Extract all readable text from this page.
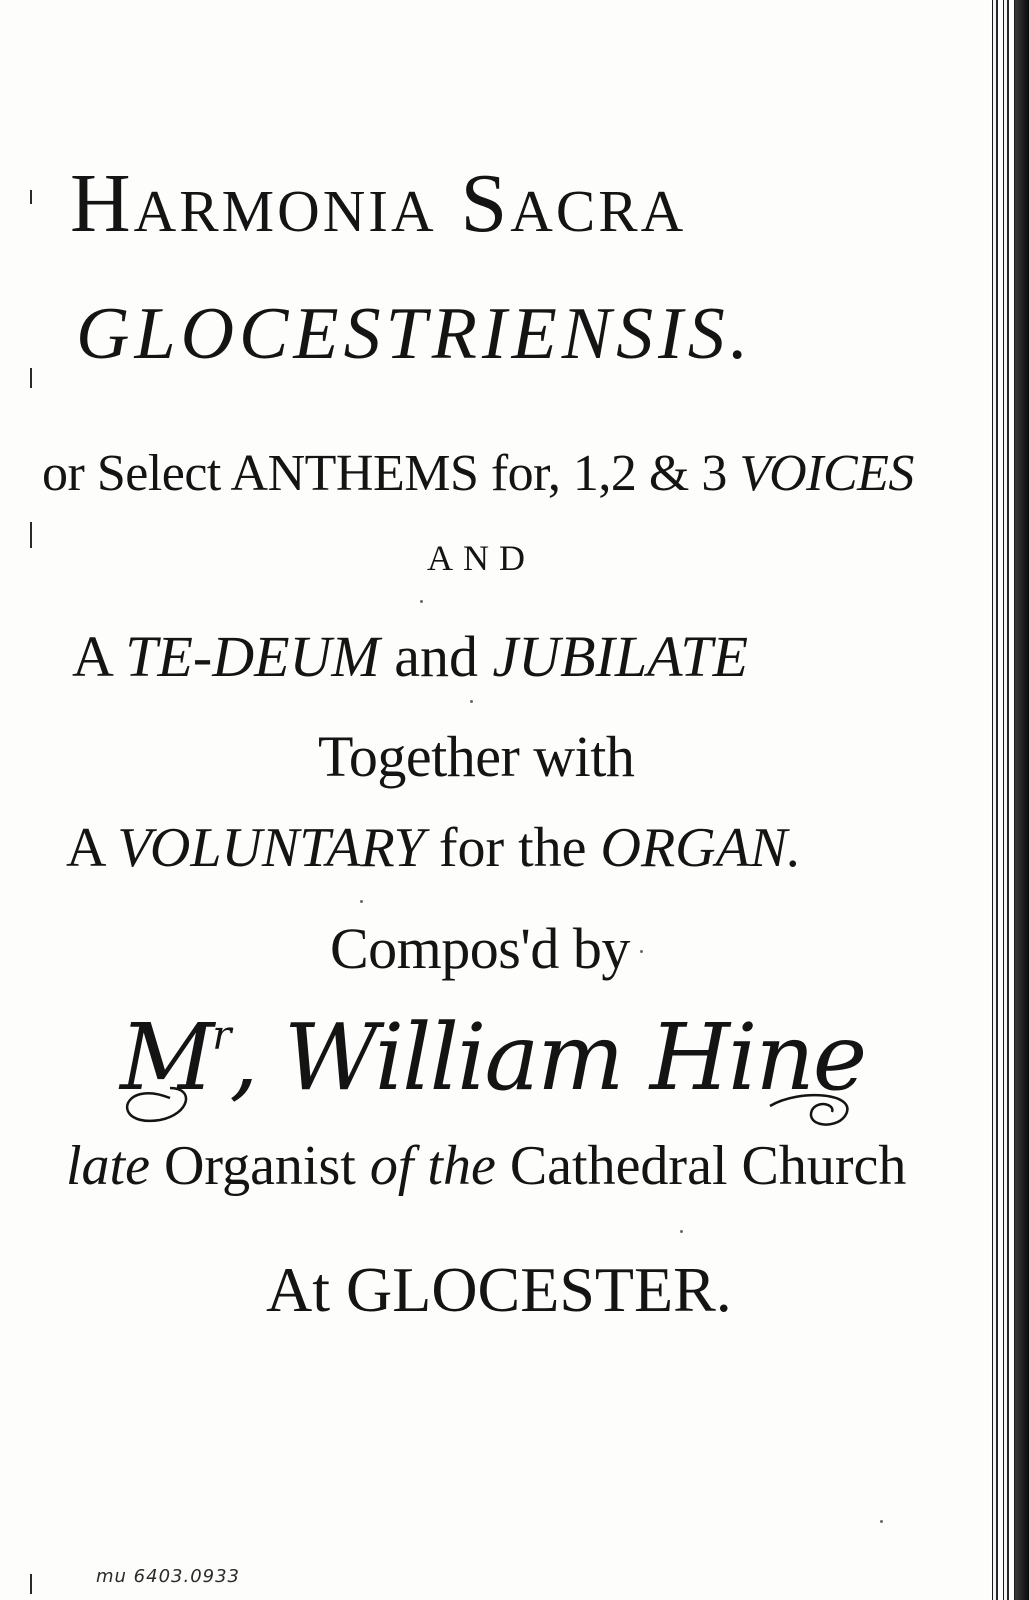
Harmonia Sacra
GLOCESTRIENSIS.
or Select ANTHEMS for, 1,2 & 3 VOICES
AND
A TE-DEUM and JUBILATE
Together with
A VOLUNTARY for the ORGAN.
Compos'd by
$M^r$, William Hine
late Organist of the Cathedral Church
At GLOCESTER.
mu 6403.0933
